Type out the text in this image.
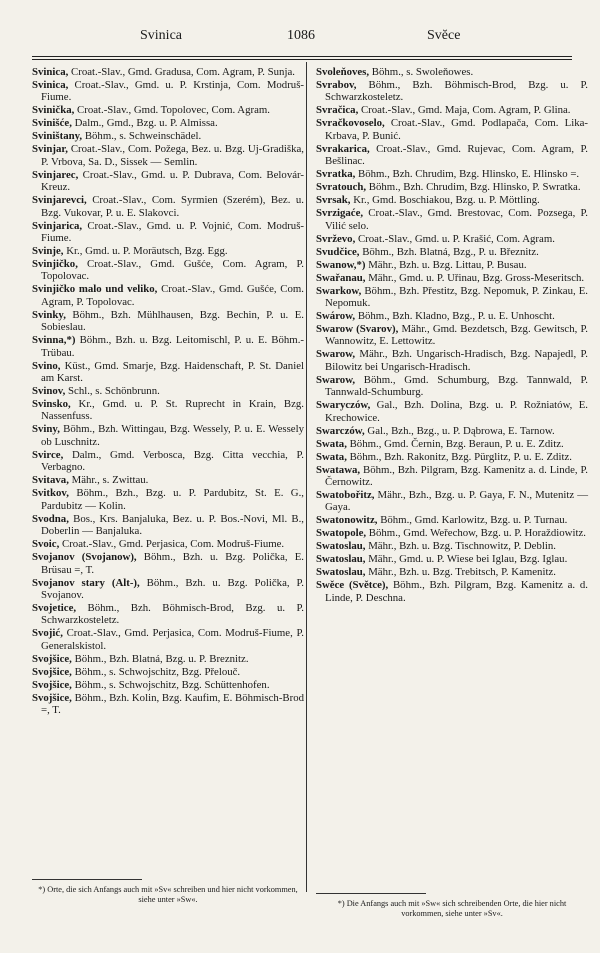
Svinica	1086	Svĕce
Svinica, Croat.-Slav., Gmd. Gradusa, Com. Agram, P. Sunja.
Svinica, Croat.-Slav., Gmd. u. P. Krstinja, Com. Modruš-Fiume.
Svinička, Croat.-Slav., Gmd. Topolovec, Com. Agram.
Svinišće, Dalm., Gmd., Bzg. u. P. Almissa.
Sviništany, Böhm., s. Schweinschädel.
Svinjar, Croat.-Slav., Com. Požega, Bez. u. Bzg. Uj-Gradiška, P. Vrbova, Sa. D., Sissek — Semlin.
Svinjarec, Croat.-Slav., Gmd. u. P. Dubrava, Com. Belovár-Kreuz.
Svinjarevci, Croat.-Slav., Com. Syrmien (Szerém), Bez. u. Bzg. Vukovar, P. u. E. Slakovci.
Svinjarica, Croat.-Slav., Gmd. u. P. Vojnić, Com. Modruš-Fiume.
Svinje, Kr., Gmd. u. P. Moräutsch, Bzg. Egg.
Svinjičko, Croat.-Slav., Gmd. Gušće, Com. Agram, P. Topolovac.
Svinjičko malo und veliko, Croat.-Slav., Gmd. Gušće, Com. Agram, P. Topolovac.
Svinky, Böhm., Bzh. Mühlhausen, Bzg. Bechin, P. u. E. Sobieslau.
Svinna,*) Böhm., Bzh. u. Bzg. Leitomischl, P. u. E. Böhm.-Trübau.
Svino, Küst., Gmd. Smarje, Bzg. Haidenschaft, P. St. Daniel am Karst.
Svinov, Schl., s. Schönbrunn.
Svinsko, Kr., Gmd. u. P. St. Ruprecht in Krain, Bzg. Nassenfuss.
Sviny, Böhm., Bzh. Wittingau, Bzg. Wessely, P. u. E. Wessely ob Luschnitz.
Svirce, Dalm., Gmd. Verbosca, Bzg. Citta vecchia, P. Verbagno.
Svitava, Mähr., s. Zwittau.
Svitkov, Böhm., Bzh., Bzg. u. P. Pardubitz, St. E. G., Pardubitz — Kolin.
Svodna, Bos., Krs. Banjaluka, Bez. u. P. Bos.-Novi, Ml. B., Doberlin — Banjaluka.
Svoic, Croat.-Slav., Gmd. Perjasica, Com. Modruš-Fiume.
Svojanov (Svojanow), Böhm., Bzh. u. Bzg. Polička, E. Brüsau =, T.
Svojanov stary (Alt-), Böhm., Bzh. u. Bzg. Polička, P. Svojanov.
Svojetice, Böhm., Bzh. Böhmisch-Brod, Bzg. u. P. Schwarzkosteletz.
Svojić, Croat.-Slav., Gmd. Perjasica, Com. Modruš-Fiume, P. Generalskistol.
Svojšice, Böhm., Bzh. Blatná, Bzg. u. P. Breznitz.
Svojšice, Böhm., s. Schwojschitz, Bzg. Přelouč.
Svojšice, Böhm., s. Schwojschitz, Bzg. Schüttenhofen.
Svojšice, Böhm., Bzh. Kolin, Bzg. Kaufim, E. Böhmisch-Brod =, T.
Svoleňoves, Böhm., s. Swoleňowes.
Svrabov, Böhm., Bzh. Böhmisch-Brod, Bzg. u. P. Schwarzkosteletz.
Svračica, Croat.-Slav., Gmd. Maja, Com. Agram, P. Glina.
Svračkovoselo, Croat.-Slav., Gmd. Podlapača, Com. Lika-Krbava, P. Bunić.
Svrakarica, Croat.-Slav., Gmd. Rujevac, Com. Agram, P. Bešlinac.
Svratka, Böhm., Bzh. Chrudim, Bzg. Hlinsko, E. Hlinsko =.
Svratouch, Böhm., Bzh. Chrudim, Bzg. Hlinsko, P. Swratka.
Svrsak, Kr., Gmd. Boschiakou, Bzg. u. P. Möttling.
Svrzigaće, Croat.-Slav., Gmd. Brestovac, Com. Pozsega, P. Vilić selo.
Svrževo, Croat.-Slav., Gmd. u. P. Krašić, Com. Agram.
Svudčice, Böhm., Bzh. Blatná, Bzg., P. u. Březnitz.
Swanow,*) Mähr., Bzh. u. Bzg. Littau, P. Busau.
Swařanau, Mähr., Gmd. u. P. Uřinau, Bzg. Gross-Meseritsch.
Swarkow, Böhm., Bzh. Přestitz, Bzg. Nepomuk, P. Zinkau, E. Nepomuk.
Swárow, Böhm., Bzh. Kladno, Bzg., P. u. E. Unhoscht.
Swarow (Svarov), Mähr., Gmd. Bezdetsch, Bzg. Gewitsch, P. Wannowitz, E. Lettowitz.
Swarow, Mähr., Bzh. Ungarisch-Hradisch, Bzg. Napajedl, P. Bilowitz bei Ungarisch-Hradisch.
Swarow, Böhm., Gmd. Schumburg, Bzg. Tannwald, P. Tannwald-Schumburg.
Swaryczów, Gal., Bzh. Dolina, Bzg. u. P. Rožniatów, E. Krechowice.
Swarczów, Gal., Bzh., Bzg., u. P. Dąbrowa, E. Tarnow.
Swata, Böhm., Gmd. Černin, Bzg. Beraun, P. u. E. Zditz.
Swata, Böhm., Bzh. Rakonitz, Bzg. Pürglitz, P. u. E. Zditz.
Swatawa, Böhm., Bzh. Pilgram, Bzg. Kamenitz a. d. Linde, P. Černowitz.
Swatobořitz, Mähr., Bzh., Bzg. u. P. Gaya, F. N., Mutenitz — Gaya.
Swatonowitz, Böhm., Gmd. Karlowitz, Bzg. u. P. Turnau.
Swatopole, Böhm., Gmd. Weřechow, Bzg. u. P. Horaždiowitz.
Swatoslau, Mähr., Bzh. u. Bzg. Tischnowitz, P. Deblin.
Swatoslau, Mähr., Gmd. u. P. Wiese bei Iglau, Bzg. Iglau.
Swatoslau, Mähr., Bzh. u. Bzg. Trebitsch, P. Kamenitz.
Swěce (Světce), Böhm., Bzh. Pilgram, Bzg. Kamenitz a. d. Linde, P. Deschna.
*) Orte, die sich Anfangs auch mit »Sv« schreiben und hier nicht vorkommen, siehe unter »Sw«.	*) Die Anfangs auch mit »Sw« sich schreibenden Orte, die hier nicht vorkommen, siehe unter »Sv«.
